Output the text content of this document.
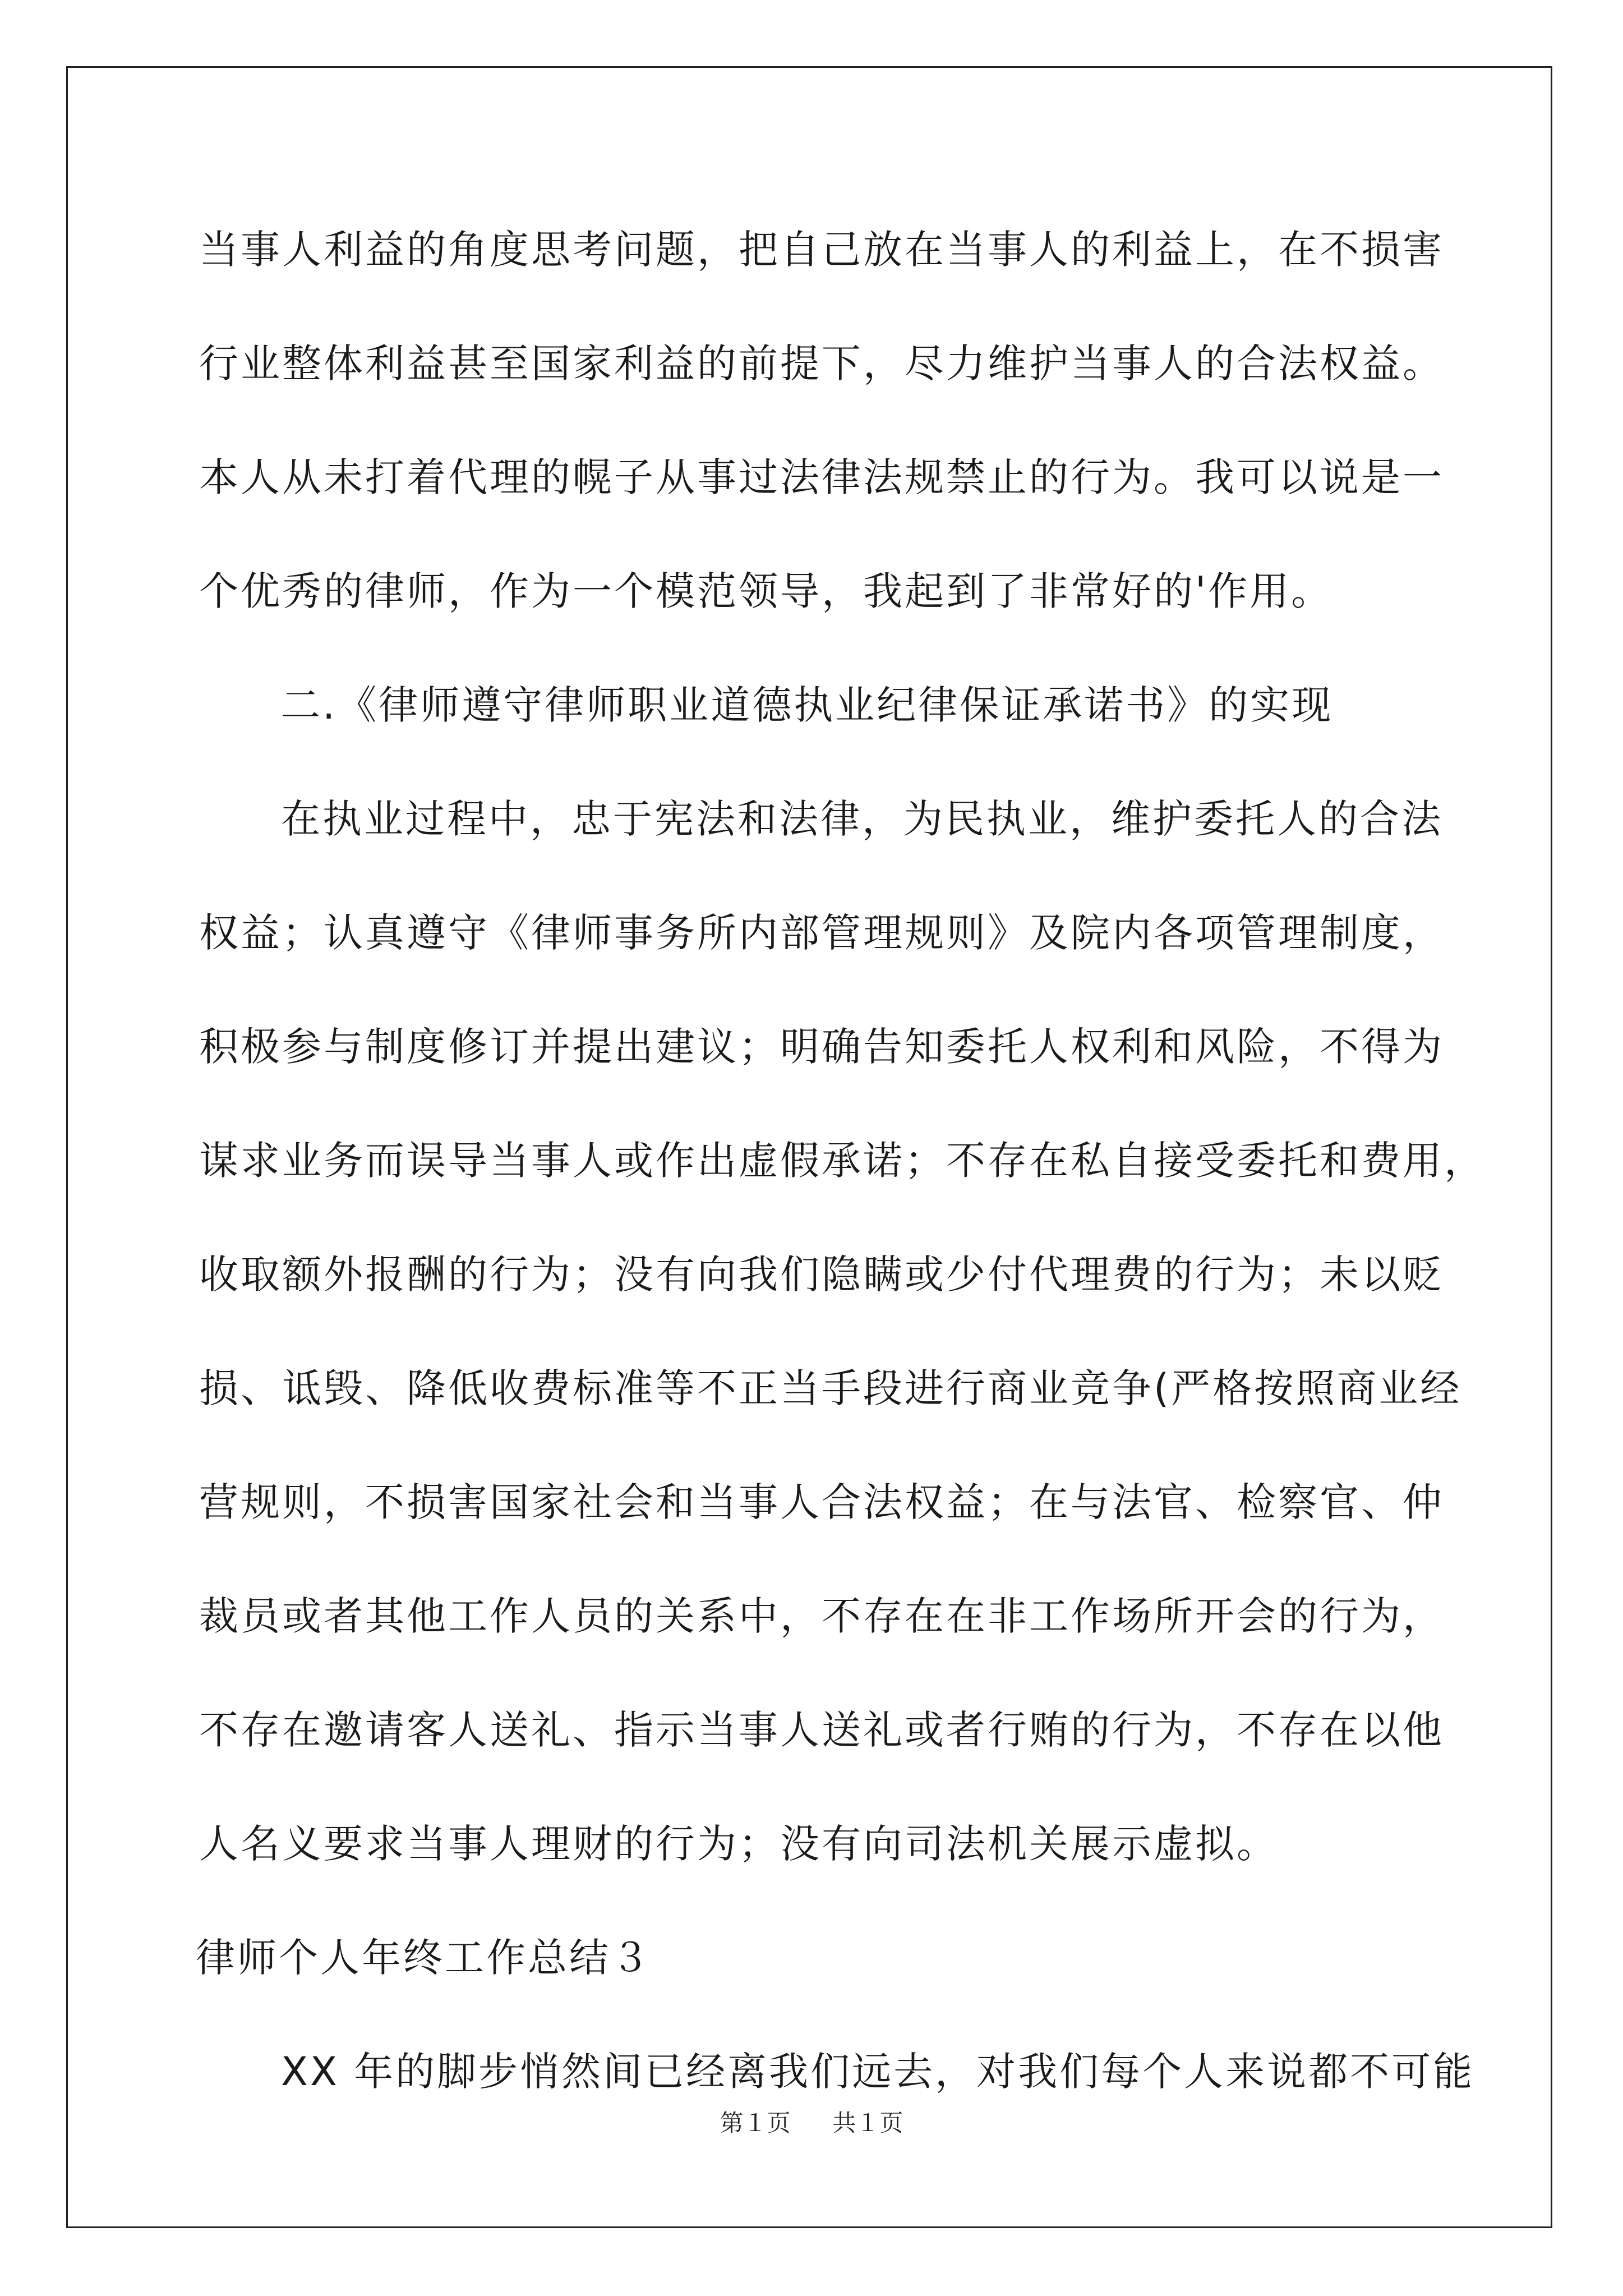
当事人利益的角度思考问题，把自己放在当事人的利益上，在不损害

行业整体利益甚至国家利益的前提下，尽力维护当事人的合法权益。

本人从未打着代理的幌子从事过法律法规禁止的行为。我可以说是一

个优秀的律师，作为一个模范领导，我起到了非常好的'作用。

二.《律师遵守律师职业道德执业纪律保证承诺书》的实现

在执业过程中，忠于宪法和法律，为民执业，维护委托人的合法

权益；认真遵守《律师事务所内部管理规则》及院内各项管理制度，

积极参与制度修订并提出建议；明确告知委托人权利和风险，不得为

谋求业务而误导当事人或作出虚假承诺；不存在私自接受委托和费用，

收取额外报酬的行为；没有向我们隐瞒或少付代理费的行为；未以贬

损、诋毁、降低收费标准等不正当手段进行商业竞争(严格按照商业经

营规则，不损害国家社会和当事人合法权益；在与法官、检察官、仲

裁员或者其他工作人员的关系中，不存在在非工作场所开会的行为，

不存在邀请客人送礼、指示当事人送礼或者行贿的行为，不存在以他

人名义要求当事人理财的行为；没有向司法机关展示虚拟。

律师个人年终工作总结３

XX 年的脚步悄然间已经离我们远去，对我们每个人来说都不可能

第１页 共１页
